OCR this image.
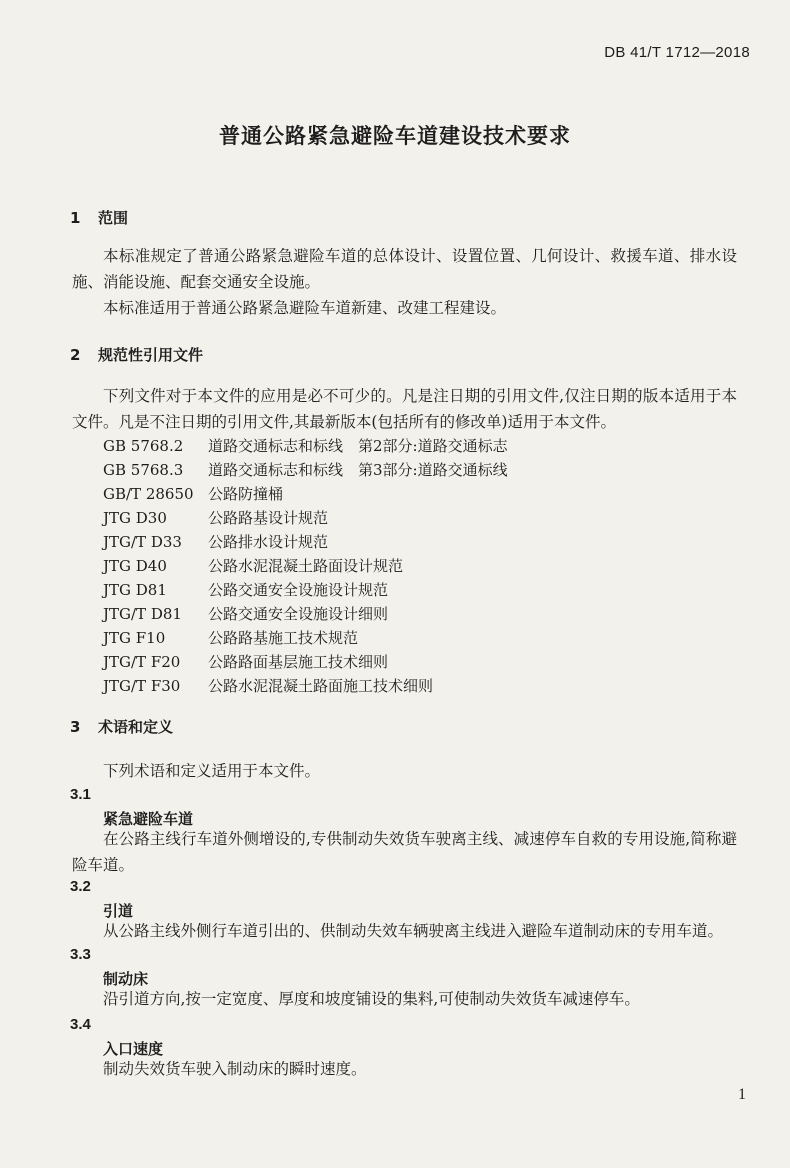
DB 41/T 1712—2018
普通公路紧急避险车道建设技术要求
1 范围
本标准规定了普通公路紧急避险车道的总体设计、设置位置、几何设计、救援车道、排水设施、消能设施、配套交通安全设施。
本标准适用于普通公路紧急避险车道新建、改建工程建设。
2 规范性引用文件
下列文件对于本文件的应用是必不可少的。凡是注日期的引用文件,仅注日期的版本适用于本文件。凡是不注日期的引用文件,其最新版本(包括所有的修改单)适用于本文件。
GB 5768.2 道路交通标志和标线　第2部分:道路交通标志
GB 5768.3 道路交通标志和标线　第3部分:道路交通标线
GB/T 28650 公路防撞桶
JTG D30	公路路基设计规范
JTG/T D33 公路排水设计规范
JTG D40	公路水泥混凝土路面设计规范
JTG D81	公路交通安全设施设计规范
JTG/T D81 公路交通安全设施设计细则
JTG F10	公路路基施工技术规范
JTG/T F20 公路路面基层施工技术细则
JTG/T F30 公路水泥混凝土路面施工技术细则
3 术语和定义
下列术语和定义适用于本文件。
3.1
紧急避险车道
在公路主线行车道外侧增设的,专供制动失效货车驶离主线、减速停车自救的专用设施,简称避险车道。
3.2
引道
从公路主线外侧行车道引出的、供制动失效车辆驶离主线进入避险车道制动床的专用车道。
3.3
制动床
沿引道方向,按一定宽度、厚度和坡度铺设的集料,可使制动失效货车减速停车。
3.4
入口速度
制动失效货车驶入制动床的瞬时速度。
1
